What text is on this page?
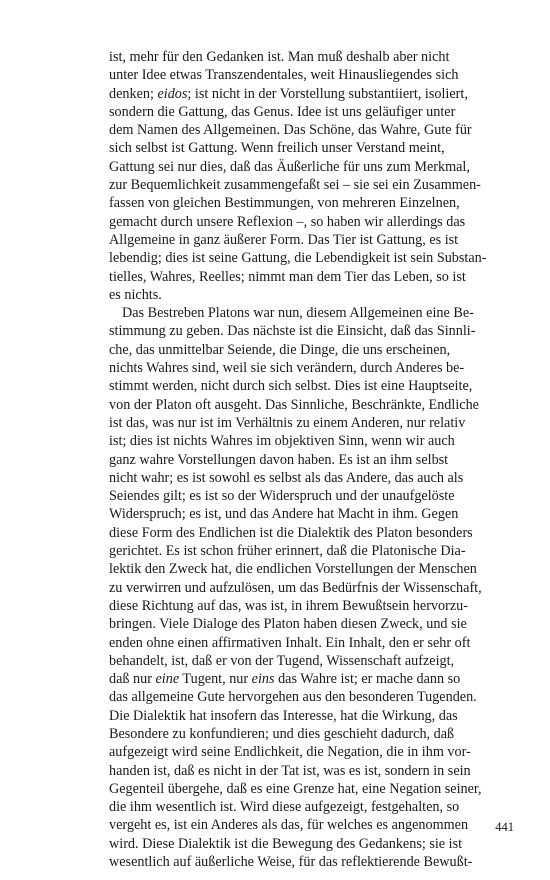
ist, mehr für den Gedanken ist. Man muß deshalb aber nicht
unter Idee etwas Transzendentales, weit Hinausliegendes sich
denken; eidos; ist nicht in der Vorstellung substantiiert, isoliert,
sondern die Gattung, das Genus. Idee ist uns geläufiger unter
dem Namen des Allgemeinen. Das Schöne, das Wahre, Gute für
sich selbst ist Gattung. Wenn freilich unser Verstand meint,
Gattung sei nur dies, daß das Äußerliche für uns zum Merkmal,
zur Bequemlichkeit zusammengefaßt sei – sie sei ein Zusammen-
fassen von gleichen Bestimmungen, von mehreren Einzelnen,
gemacht durch unsere Reflexion –, so haben wir allerdings das
Allgemeine in ganz äußerer Form. Das Tier ist Gattung, es ist
lebendig; dies ist seine Gattung, die Lebendigkeit ist sein Substan-
tielles, Wahres, Reelles; nimmt man dem Tier das Leben, so ist
es nichts.
Das Bestreben Platons war nun, diesem Allgemeinen eine Be-
stimmung zu geben. Das nächste ist die Einsicht, daß das Sinnli-
che, das unmittelbar Seiende, die Dinge, die uns erscheinen,
nichts Wahres sind, weil sie sich verändern, durch Anderes be-
stimmt werden, nicht durch sich selbst. Dies ist eine Hauptseite,
von der Platon oft ausgeht. Das Sinnliche, Beschränkte, Endliche
ist das, was nur ist im Verhältnis zu einem Anderen, nur relativ
ist; dies ist nichts Wahres im objektiven Sinn, wenn wir auch
ganz wahre Vorstellungen davon haben. Es ist an ihm selbst
nicht wahr; es ist sowohl es selbst als das Andere, das auch als
Seiendes gilt; es ist so der Widerspruch und der unaufgelöste
Widerspruch; es ist, und das Andere hat Macht in ihm. Gegen
diese Form des Endlichen ist die Dialektik des Platon besonders
gerichtet. Es ist schon früher erinnert, daß die Platonische Dia-
lektik den Zweck hat, die endlichen Vorstellungen der Menschen
zu verwirren und aufzulösen, um das Bedürfnis der Wissenschaft,
diese Richtung auf das, was ist, in ihrem Bewußtsein hervorzu-
bringen. Viele Dialoge des Platon haben diesen Zweck, und sie
enden ohne einen affirmativen Inhalt. Ein Inhalt, den er sehr oft
behandelt, ist, daß er von der Tugend, Wissenschaft aufzeigt,
daß nur eine Tugent, nur eins das Wahre ist; er mache dann so
das allgemeine Gute hervorgehen aus den besonderen Tugenden.
Die Dialektik hat insofern das Interesse, hat die Wirkung, das
Besondere zu konfundieren; und dies geschieht dadurch, daß
aufgezeigt wird seine Endlichkeit, die Negation, die in ihm vor-
handen ist, daß es nicht in der Tat ist, was es ist, sondern in sein
Gegenteil übergehe, daß es eine Grenze hat, eine Negation seiner,
die ihm wesentlich ist. Wird diese aufgezeigt, festgehalten, so
vergeht es, ist ein Anderes als das, für welches es angenommen
wird. Diese Dialektik ist die Bewegung des Gedankens; sie ist
wesentlich auf äußerliche Weise, für das reflektierende Bewußt-
441
